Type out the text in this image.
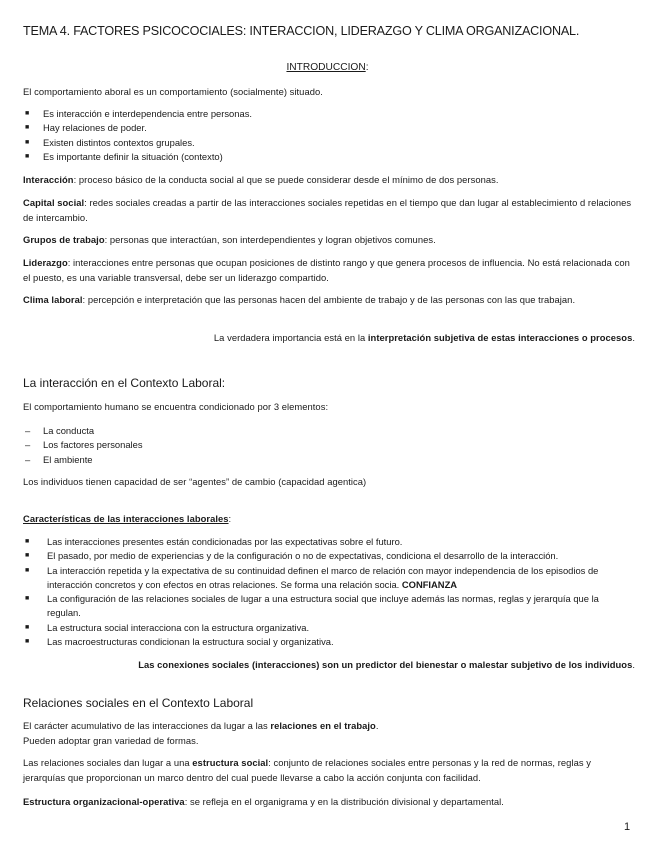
TEMA 4. FACTORES PSICOCOCIALES: INTERACCION, LIDERAZGO Y CLIMA ORGANIZACIONAL.

INTRODUCCION:

El comportamiento aboral es un comportamiento (socialmente) situado.

■ Es interacción e interdependencia entre personas.
■ Hay relaciones de poder.
■ Existen distintos contextos grupales.
■ Es importante definir la situación (contexto)

Interacción: proceso básico de la conducta social al que se puede considerar desde el mínimo de dos personas.

Capital social: redes sociales creadas a partir de las interacciones sociales repetidas en el tiempo que dan lugar al establecimiento d relaciones de intercambio.

Grupos de trabajo: personas que interactúan, son interdependientes y logran objetivos comunes.

Liderazgo: interacciones entre personas que ocupan posiciones de distinto rango y que genera procesos de influencia. No está relacionada con el puesto, es una variable transversal, debe ser un liderazgo compartido.

Clima laboral: percepción e interpretación que las personas hacen del ambiente de trabajo y de las personas con las que trabajan.

La verdadera importancia está en la interpretación subjetiva de estas interacciones o procesos.

La interacción en el Contexto Laboral:

El comportamiento humano se encuentra condicionado por 3 elementos:

– La conducta
– Los factores personales
– El ambiente

Los individuos tienen capacidad de ser “agentes” de cambio (capacidad agentica)

Características de las interacciones laborales:

■ Las interacciones presentes están condicionadas por las expectativas sobre el futuro.
■ El pasado, por medio de experiencias y de la configuración o no de expectativas, condiciona el desarrollo de la interacción.
■ La interacción repetida y la expectativa de su continuidad definen el marco de relación con mayor independencia de los episodios de interacción concretos y con efectos en otras relaciones. Se forma una relación socia. CONFIANZA
■ La configuración de las relaciones sociales de lugar a una estructura social que incluye además las normas, reglas y jerarquía que la regulan.
■ La estructura social interacciona con la estructura organizativa.
■ Las macroestructuras condicionan la estructura social y organizativa.

Las conexiones sociales (interacciones) son un predictor del bienestar o malestar subjetivo de los individuos.

Relaciones sociales en el Contexto Laboral

El carácter acumulativo de las interacciones da lugar a las relaciones en el trabajo.
Pueden adoptar gran variedad de formas.

Las relaciones sociales dan lugar a una estructura social: conjunto de relaciones sociales entre personas y la red de normas, reglas y jerarquías que proporcionan un marco dentro del cual puede llevarse a cabo la acción conjunta con facilidad.

Estructura organizacional-operativa: se refleja en el organigrama y en la distribución divisional y departamental.

1
